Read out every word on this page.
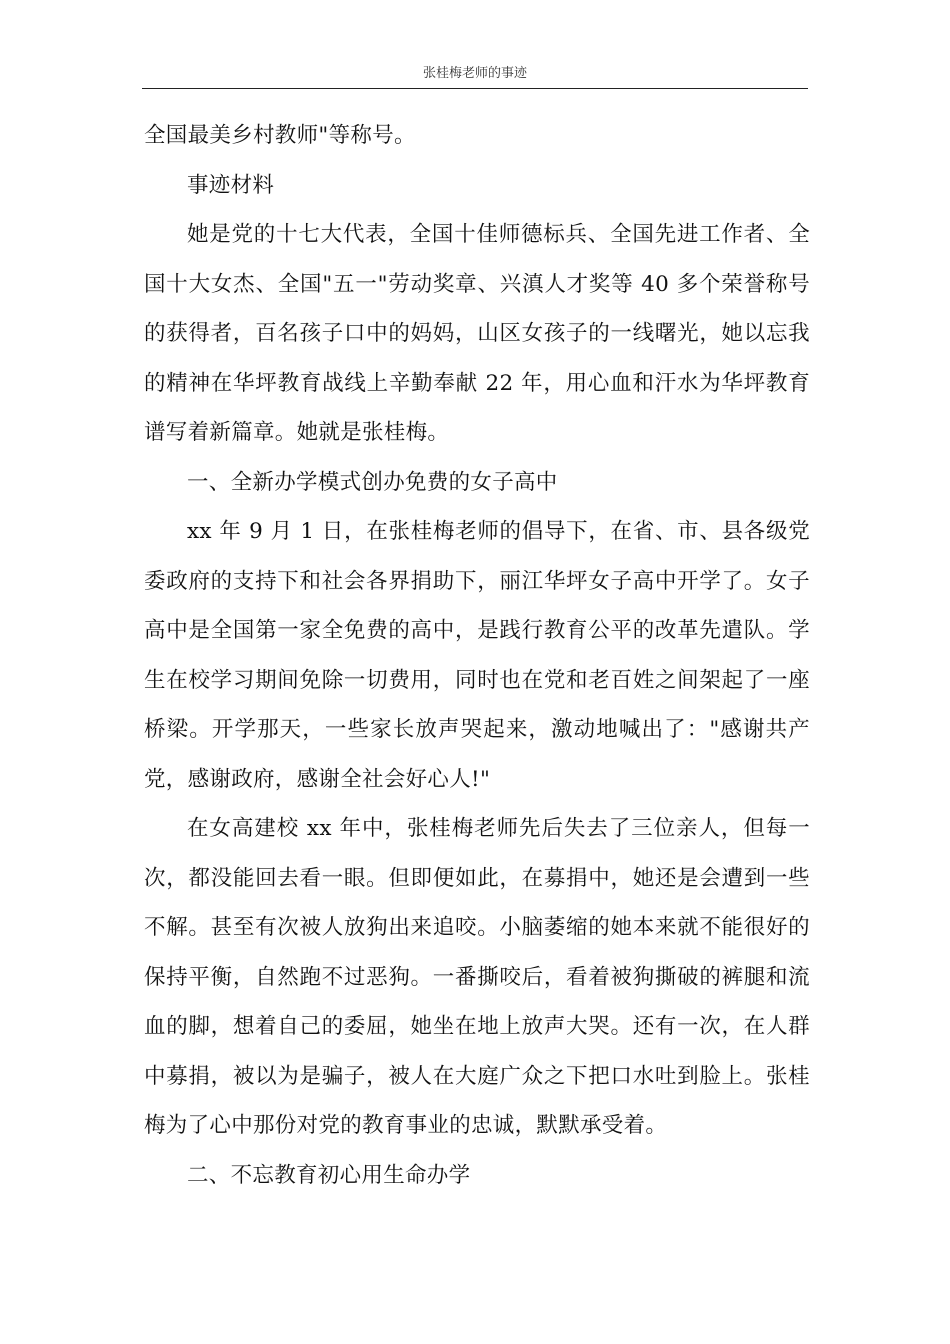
张桂梅老师的事迹

全国最美乡村教师"等称号。

事迹材料

她是党的十七大代表，全国十佳师德标兵、全国先进工作者、全国十大女杰、全国"五一"劳动奖章、兴滇人才奖等 40 多个荣誉称号的获得者，百名孩子口中的妈妈，山区女孩子的一线曙光，她以忘我的精神在华坪教育战线上辛勤奉献 22 年，用心血和汗水为华坪教育谱写着新篇章。她就是张桂梅。

一、全新办学模式创办免费的女子高中

xx 年 9 月 1 日，在张桂梅老师的倡导下，在省、市、县各级党委政府的支持下和社会各界捐助下，丽江华坪女子高中开学了。女子高中是全国第一家全免费的高中，是践行教育公平的改革先遣队。学生在校学习期间免除一切费用，同时也在党和老百姓之间架起了一座桥梁。开学那天，一些家长放声哭起来，激动地喊出了："感谢共产党，感谢政府，感谢全社会好心人!"

在女高建校 xx 年中，张桂梅老师先后失去了三位亲人，但每一次，都没能回去看一眼。但即便如此，在募捐中，她还是会遭到一些不解。甚至有次被人放狗出来追咬。小脑萎缩的她本来就不能很好的保持平衡，自然跑不过恶狗。一番撕咬后，看着被狗撕破的裤腿和流血的脚，想着自己的委屈，她坐在地上放声大哭。还有一次，在人群中募捐，被以为是骗子，被人在大庭广众之下把口水吐到脸上。张桂梅为了心中那份对党的教育事业的忠诚，默默承受着。

二、不忘教育初心用生命办学
